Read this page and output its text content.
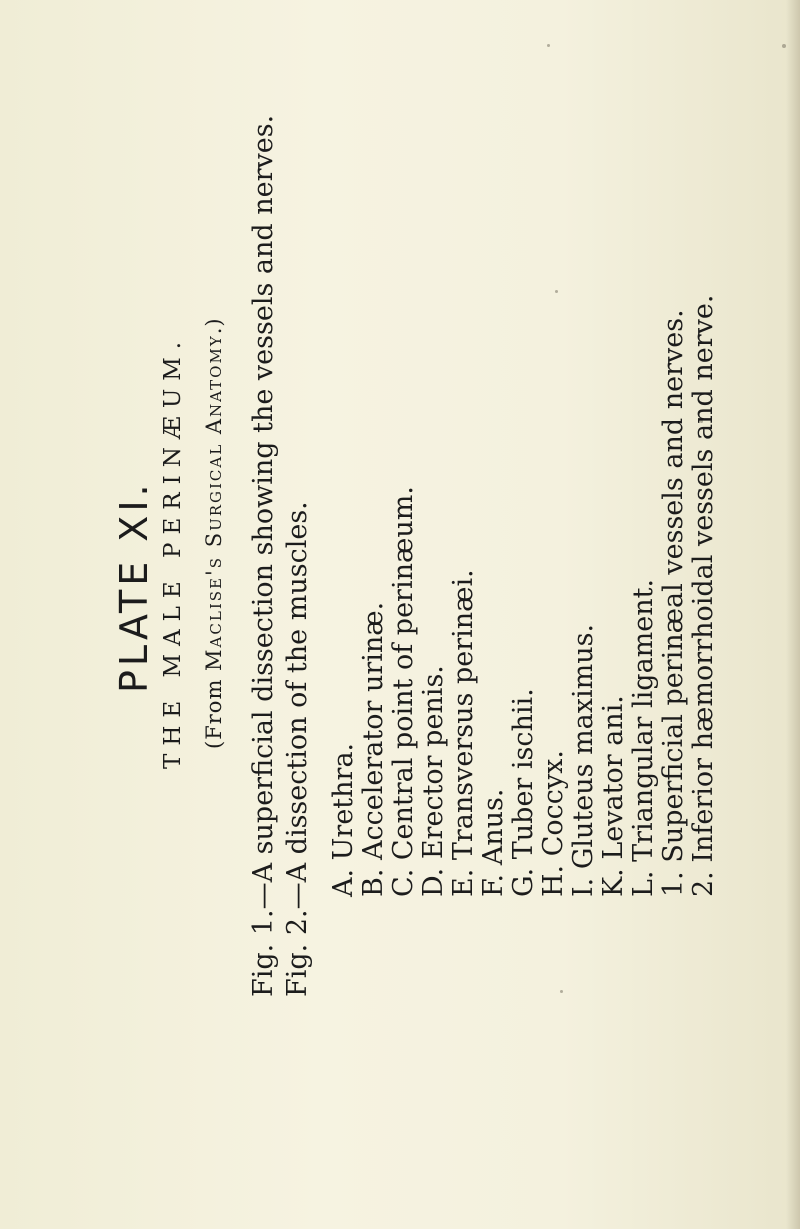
PLATE XI. THE MALE PERINÆUM. (From Maclise's Surgical Anatomy.) Fig. 1.—A superficial dissection showing the vessels and nerves. Fig. 2.—A dissection of the muscles. A. Urethra. B. Accelerator urinæ. C. Central point of perinæum. D. Erector penis. E. Transversus perinæi. F. Anus. G. Tuber ischii. H. Coccyx. I. Gluteus maximus. K. Levator ani. L. Triangular ligament. 1. Superficial perinæal vessels and nerves. 2. Inferior hæmorrhoidal vessels and nerve.
